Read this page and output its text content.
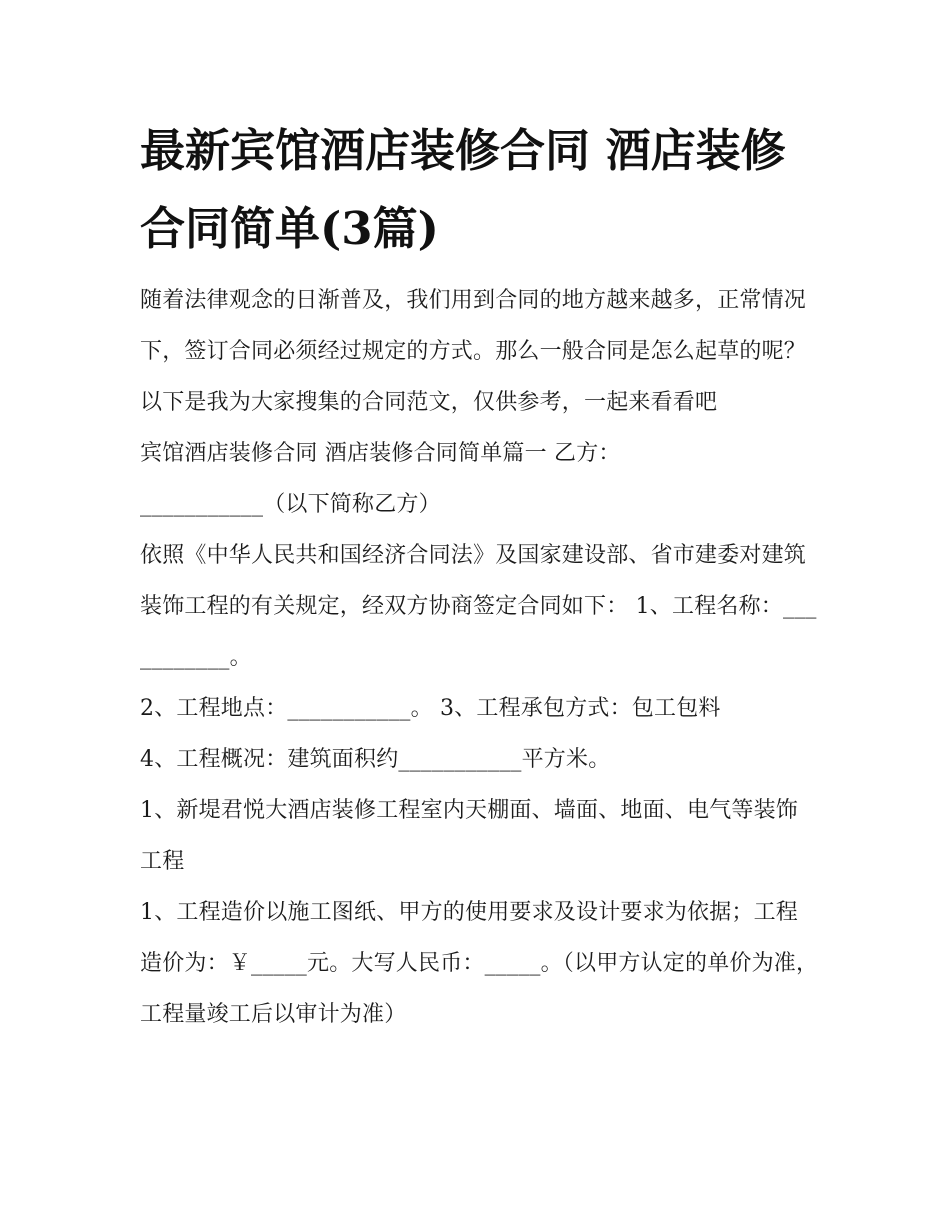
最新宾馆酒店装修合同 酒店装修合同简单(3篇)

随着法律观念的日渐普及，我们用到合同的地方越来越多，正常情况下，签订合同必须经过规定的方式。那么一般合同是怎么起草的呢？以下是我为大家搜集的合同范文，仅供参考，一起来看看吧

宾馆酒店装修合同 酒店装修合同简单篇一 乙方：

___________（以下简称乙方）

依照《中华人民共和国经济合同法》及国家建设部、省市建委对建筑装饰工程的有关规定，经双方协商签定合同如下： 1、工程名称：___________。

2、工程地点：___________。 3、工程承包方式：包工包料

4、工程概况：建筑面积约___________平方米。

1、新堤君悦大酒店装修工程室内天棚面、墙面、地面、电气等装饰工程

1、工程造价以施工图纸、甲方的使用要求及设计要求为依据；工程造价为：￥_____元。大写人民币：_____。（以甲方认定的单价为准，工程量竣工后以审计为准）
